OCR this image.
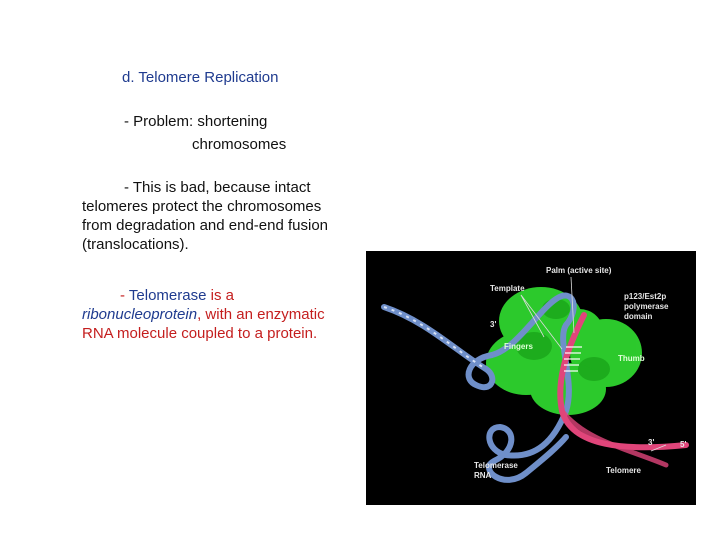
d. Telomere Replication
- Problem: shortening
chromosomes
- This is bad, because intact
telomeres protect the chromosomes
from degradation and end-end fusion
(translocations).
- Telomerase is a
ribonucleoprotein, with an enzymatic
RNA molecule coupled to a protein.
Palm (active site)
Template
p123/Est2p
polymerase
domain
3'
Fingers
Thumb
3'	5'
Telomerase
RNA
Telomere
